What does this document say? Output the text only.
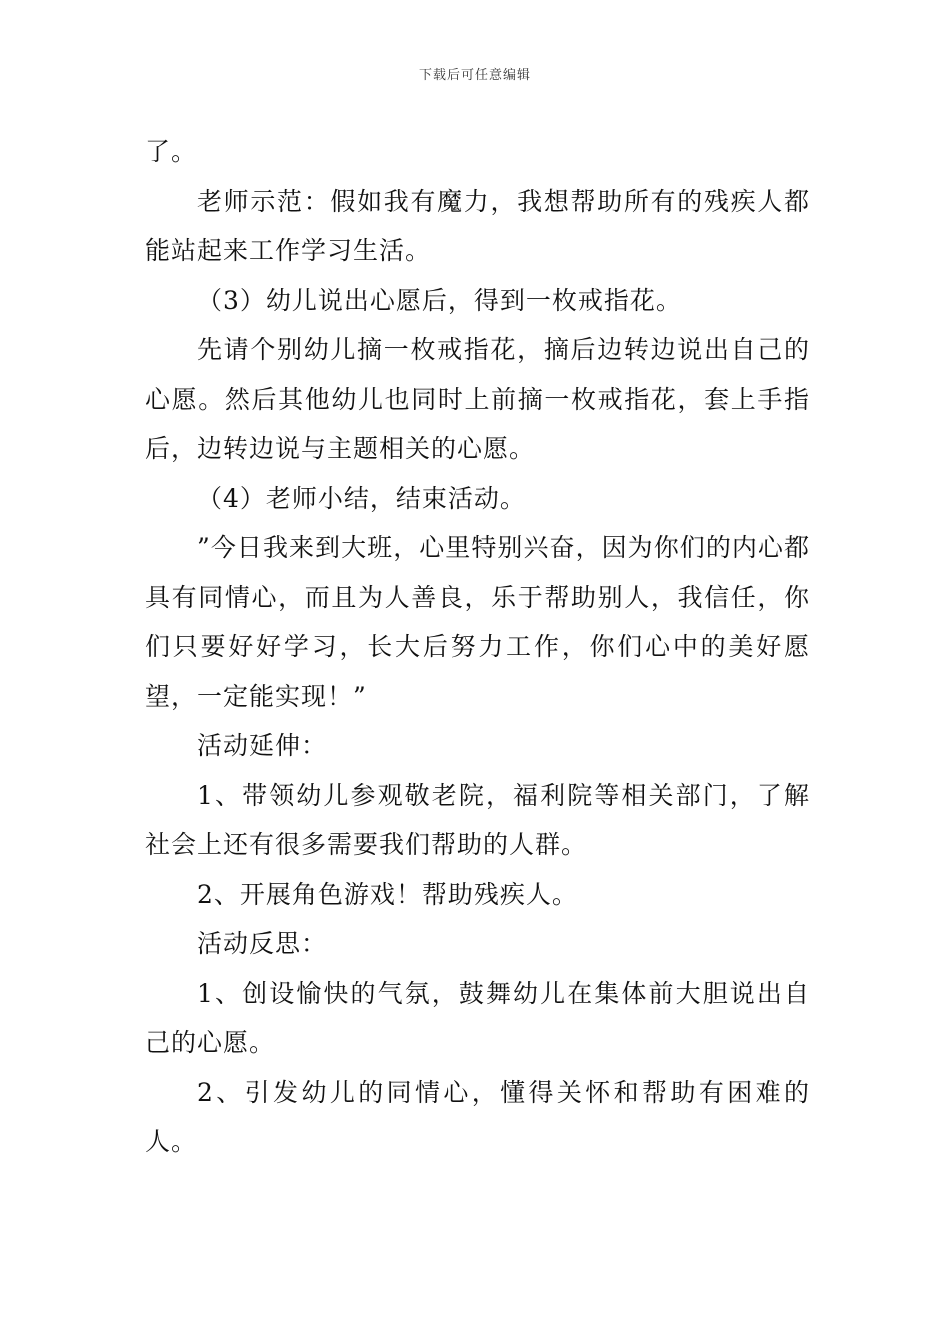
下载后可任意编辑

了。

老师示范：假如我有魔力，我想帮助所有的残疾人都能站起来工作学习生活。

（3）幼儿说出心愿后，得到一枚戒指花。

先请个别幼儿摘一枚戒指花，摘后边转边说出自己的心愿。然后其他幼儿也同时上前摘一枚戒指花，套上手指后，边转边说与主题相关的心愿。

（4）老师小结，结束活动。

”今日我来到大班，心里特别兴奋，因为你们的内心都具有同情心，而且为人善良，乐于帮助别人，我信任，你们只要好好学习，长大后努力工作，你们心中的美好愿望，一定能实现！”

活动延伸：

1、带领幼儿参观敬老院，福利院等相关部门，了解社会上还有很多需要我们帮助的人群。

2、开展角色游戏！帮助残疾人。

活动反思：

1、创设愉快的气氛，鼓舞幼儿在集体前大胆说出自己的心愿。

2、引发幼儿的同情心，懂得关怀和帮助有困难的人。
